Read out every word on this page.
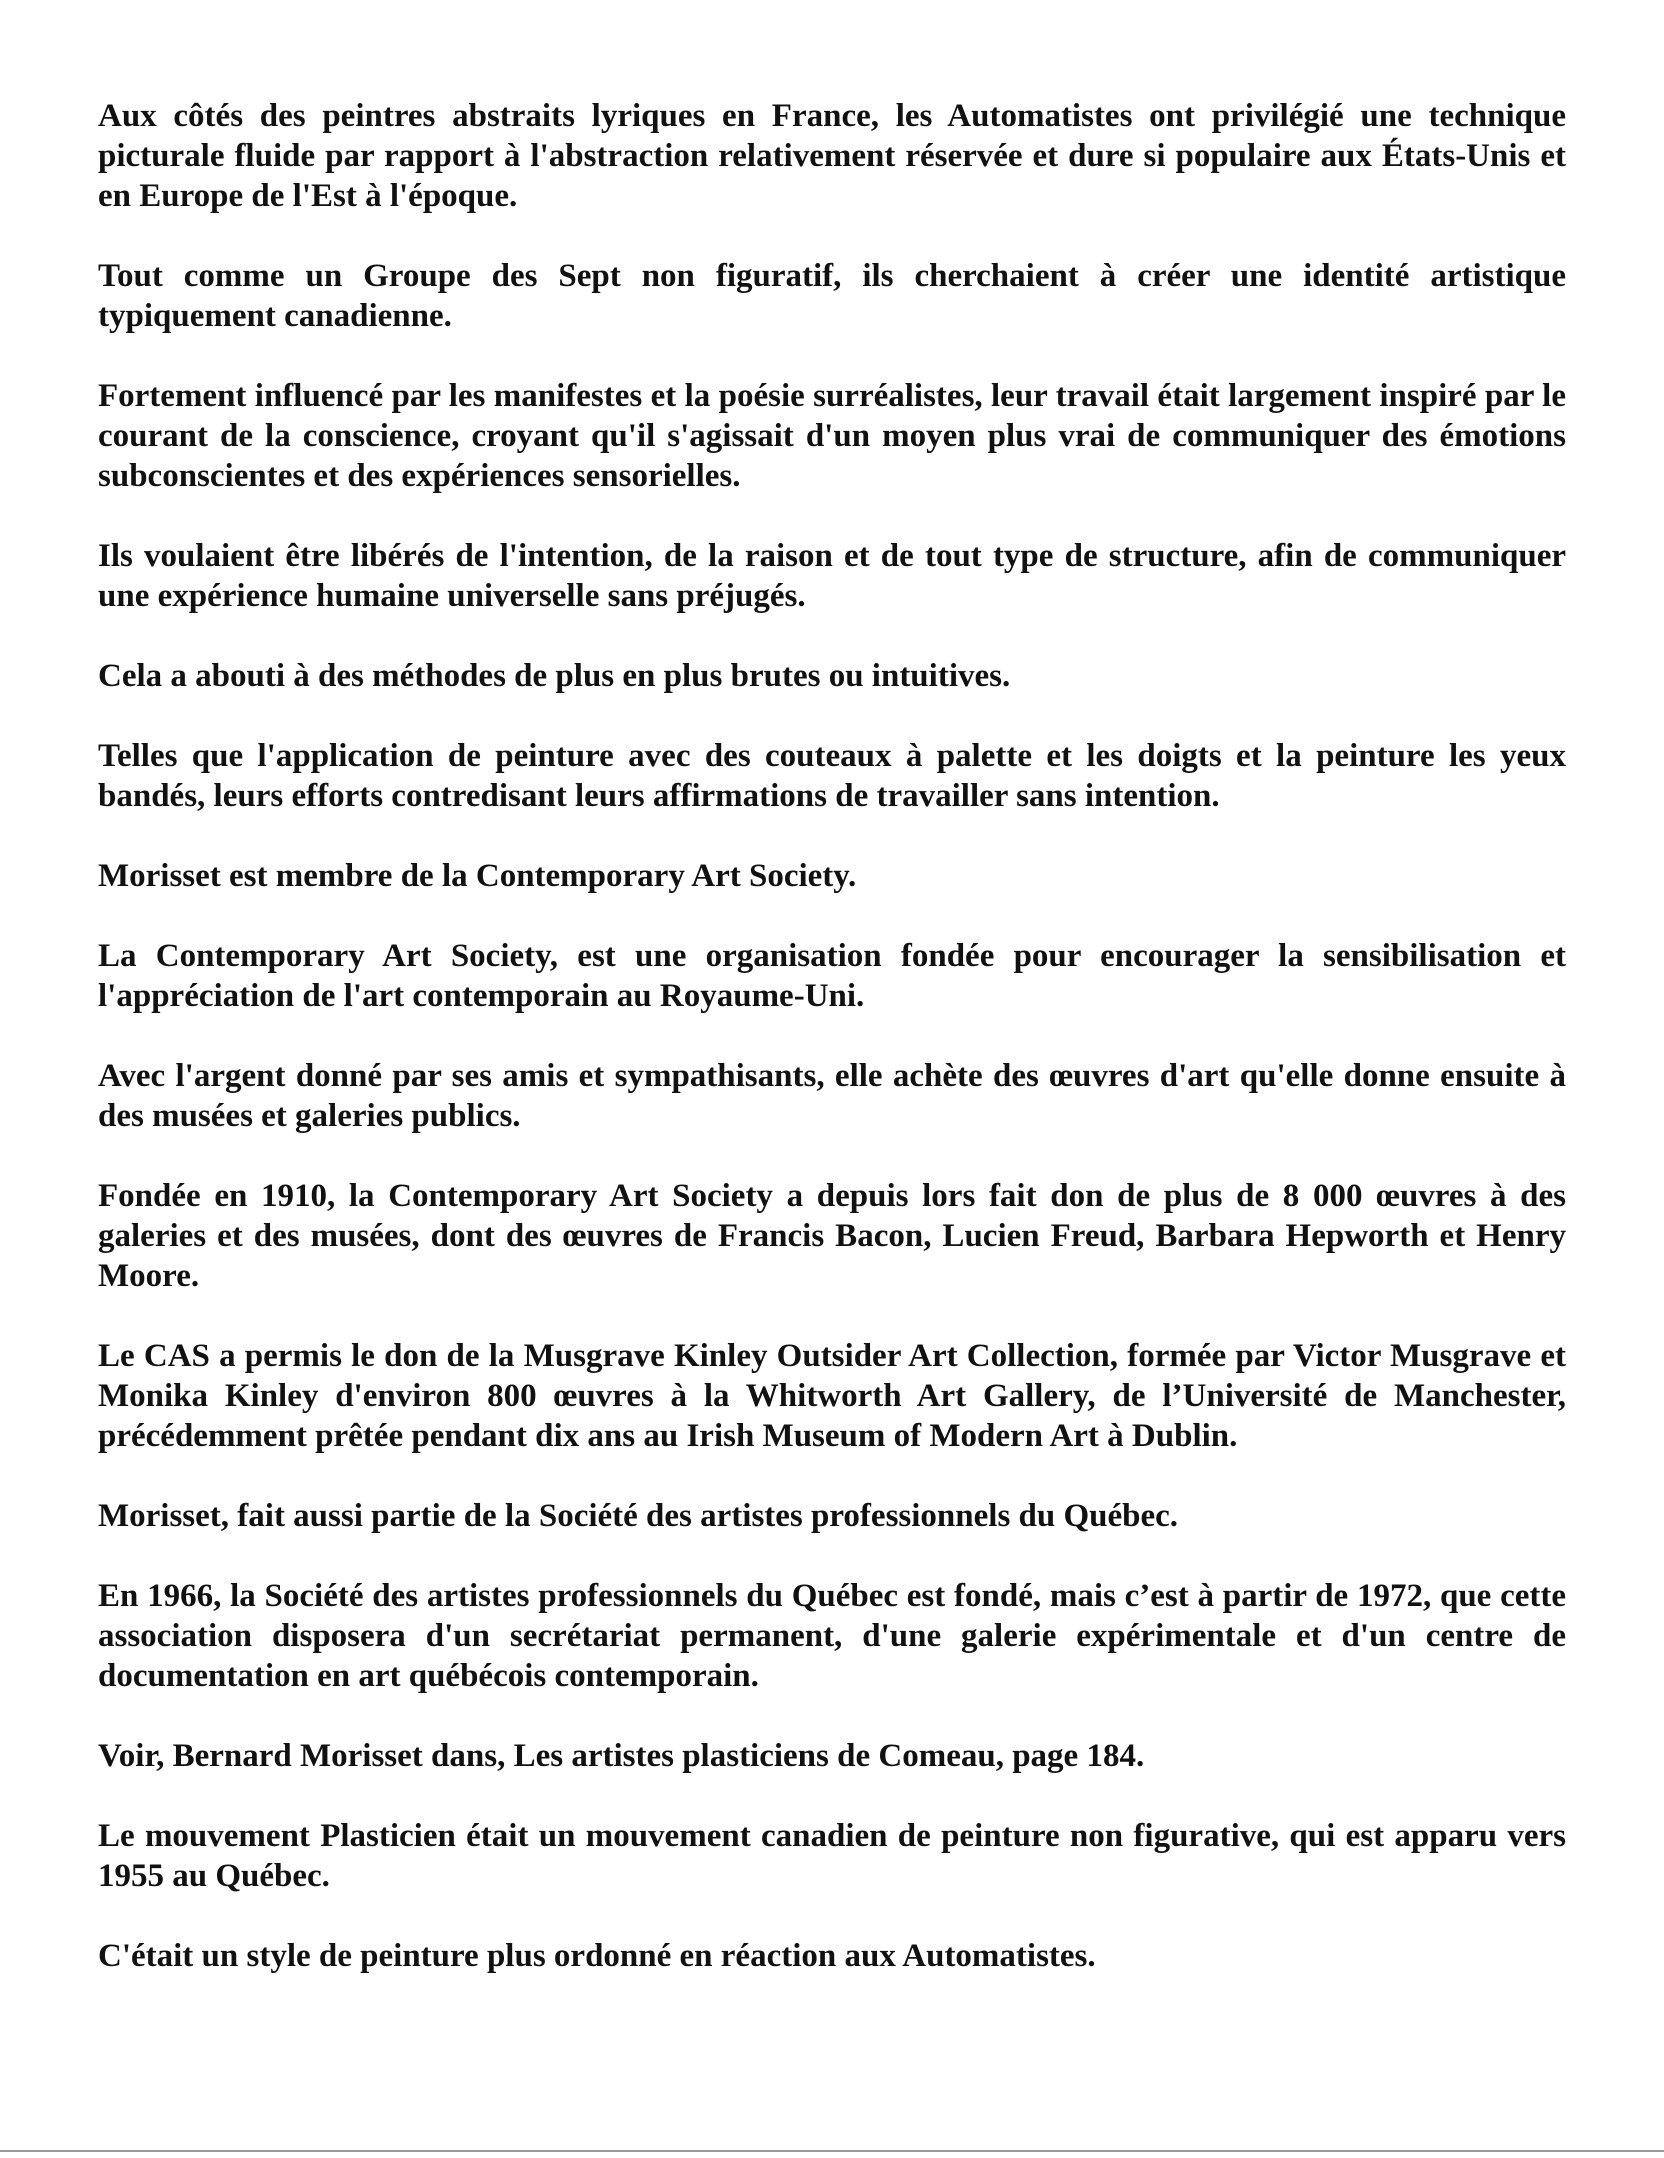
Aux côtés des peintres abstraits lyriques en France, les Automatistes ont privilégié une technique picturale fluide par rapport à l'abstraction relativement réservée et dure si populaire aux États-Unis et en Europe de l'Est à l'époque.

Tout comme un Groupe des Sept non figuratif, ils cherchaient à créer une identité artistique typiquement canadienne.

Fortement influencé par les manifestes et la poésie surréalistes, leur travail était largement inspiré par le courant de la conscience, croyant qu'il s'agissait d'un moyen plus vrai de communiquer des émotions subconscientes et des expériences sensorielles.

Ils voulaient être libérés de l'intention, de la raison et de tout type de structure, afin de communiquer une expérience humaine universelle sans préjugés.

Cela a abouti à des méthodes de plus en plus brutes ou intuitives.

Telles que l'application de peinture avec des couteaux à palette et les doigts et la peinture les yeux bandés, leurs efforts contredisant leurs affirmations de travailler sans intention.

Morisset est membre de la Contemporary Art Society.

La Contemporary Art Society, est une organisation fondée pour encourager la sensibilisation et l'appréciation de l'art contemporain au Royaume-Uni.

Avec l'argent donné par ses amis et sympathisants, elle achète des œuvres d'art qu'elle donne ensuite à des musées et galeries publics.

Fondée en 1910, la Contemporary Art Society a depuis lors fait don de plus de 8 000 œuvres à des galeries et des musées, dont des œuvres de Francis Bacon, Lucien Freud, Barbara Hepworth et Henry Moore.

Le CAS a permis le don de la Musgrave Kinley Outsider Art Collection, formée par Victor Musgrave et Monika Kinley d'environ 800 œuvres à la Whitworth Art Gallery, de l’Université de Manchester, précédemment prêtée pendant dix ans au Irish Museum of Modern Art à Dublin.

Morisset, fait aussi partie de la Société des artistes professionnels du Québec.

En 1966, la Société des artistes professionnels du Québec est fondé, mais c’est à partir de 1972, que cette association disposera d'un secrétariat permanent, d'une galerie expérimentale et d'un centre de documentation en art québécois contemporain.

Voir, Bernard Morisset dans, Les artistes plasticiens de Comeau, page 184.

Le mouvement Plasticien était un mouvement canadien de peinture non figurative, qui est apparu vers 1955 au Québec.

C'était un style de peinture plus ordonné en réaction aux Automatistes.
